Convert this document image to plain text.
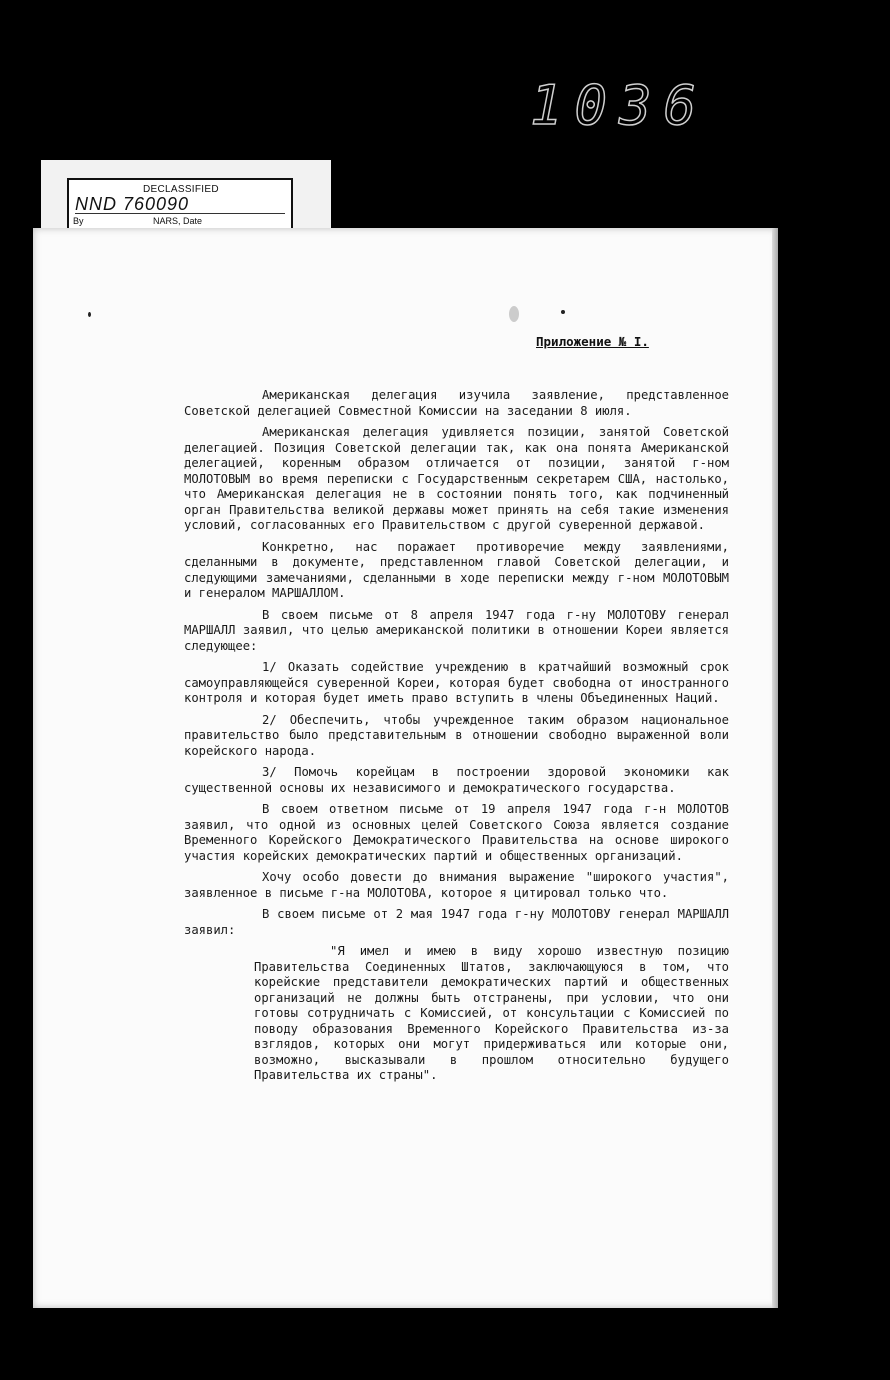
1036
DECLASSIFIED
NND 760090
By	NARS, Date
Приложение № I.

Американская делегация изучила заявление, представленное Советской делегацией Совместной Комиссии на заседании 8 июля.

Американская делегация удивляется позиции, занятой Советской делегацией. Позиция Советской делегации так, как она понята Американской делегацией, коренным образом отличается от позиции, занятой г-ном МОЛОТОВЫМ во время переписки с Государственным секретарем США, настолько, что Американская делегация не в состоянии понять того, как подчиненный орган Правительства великой державы может принять на себя такие изменения условий, согласованных его Правительством с другой суверенной державой.

Конкретно, нас поражает противоречие между заявлениями, сделанными в документе, представленном главой Советской делегации, и следующими замечаниями, сделанными в ходе переписки между г-ном МОЛОТОВЫМ и генералом МАРШАЛЛОМ.

В своем письме от 8 апреля 1947 года г-ну МОЛОТОВУ генерал МАРШАЛЛ заявил, что целью американской политики в отношении Кореи является следующее:

1/ Оказать содействие учреждению в кратчайший возможный срок самоуправляющейся суверенной Кореи, которая будет свободна от иностранного контроля и которая будет иметь право вступить в члены Объединенных Наций.

2/ Обеспечить, чтобы учрежденное таким образом национальное правительство было представительным в отношении свободно выраженной воли корейского народа.

3/ Помочь корейцам в построении здоровой экономики как существенной основы их независимого и демократического государства.

В своем ответном письме от 19 апреля 1947 года г-н МОЛОТОВ заявил, что одной из основных целей Советского Союза является создание Временного Корейского Демократического Правительства на основе широкого участия корейских демократических партий и общественных организаций.

Хочу особо довести до внимания выражение "широкого участия", заявленное в письме г-на МОЛОТОВА, которое я цитировал только что.

В своем письме от 2 мая 1947 года г-ну МОЛОТОВУ генерал МАРШАЛЛ заявил:

"Я имел и имею в виду хорошо известную позицию Правительства Соединенных Штатов, заключающуюся в том, что корейские представители демократических партий и общественных организаций не должны быть отстранены, при условии, что они готовы сотрудничать с Комиссией, от консультации с Комиссией по поводу образования Временного Корейского Правительства из-за взглядов, которых они могут придерживаться или которые они, возможно, высказывали в прошлом относительно будущего Правительства их страны".
